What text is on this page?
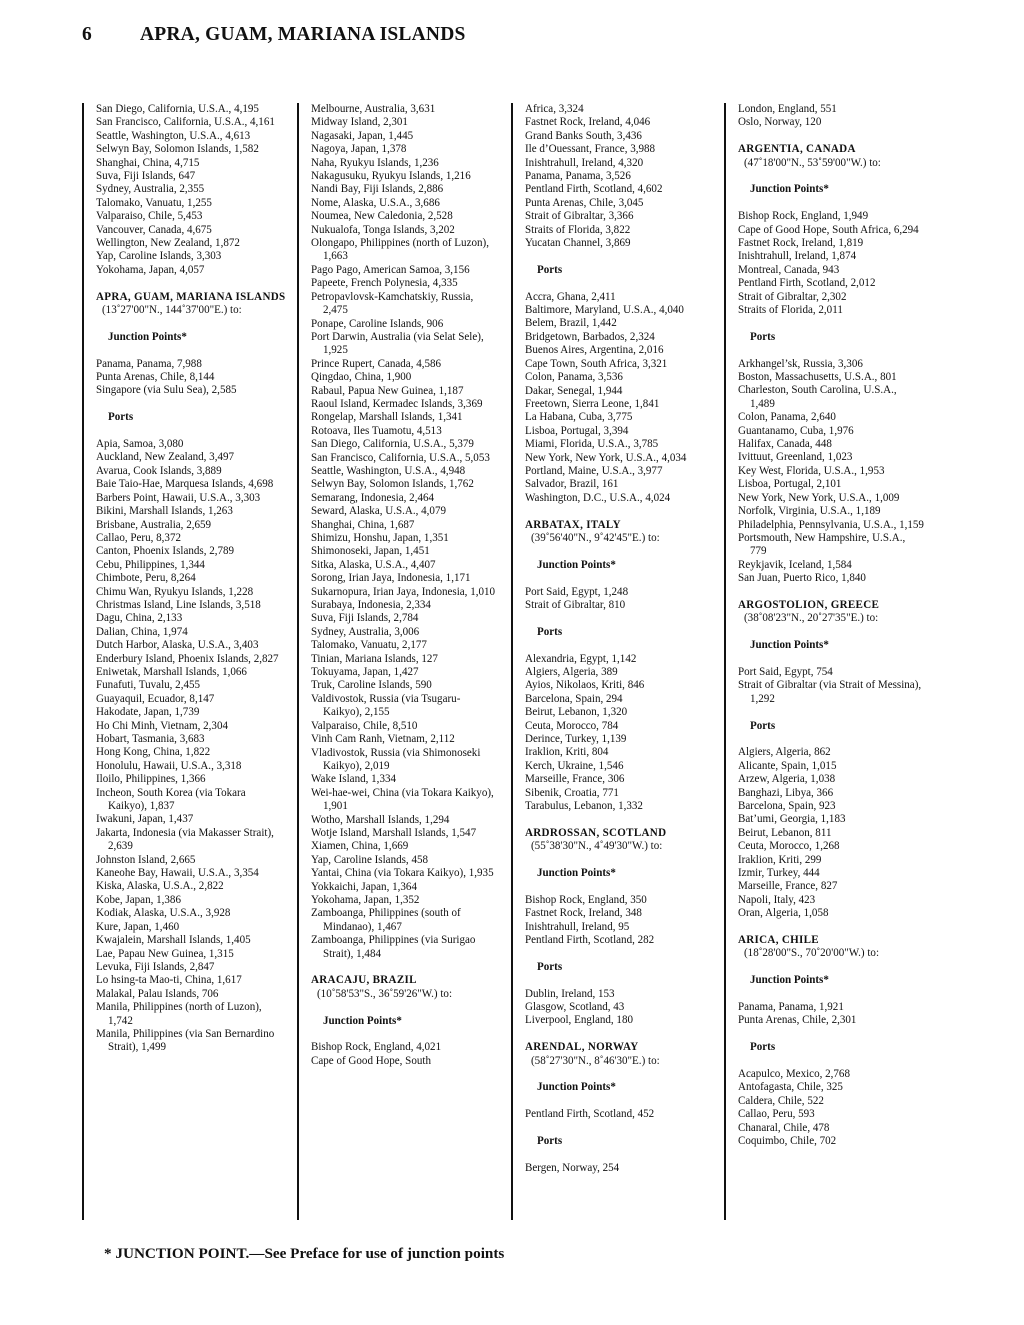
6 APRA, GUAM, MARIANA ISLANDS
San Diego, California, U.S.A., 4,195
San Francisco, California, U.S.A., 4,161
Seattle, Washington, U.S.A., 4,613
Selwyn Bay, Solomon Islands, 1,582
Shanghai, China, 4,715
Suva, Fiji Islands, 647
Sydney, Australia, 2,355
Talomako, Vanuatu, 1,255
Valparaiso, Chile, 5,453
Vancouver, Canada, 4,675
Wellington, New Zealand, 1,872
Yap, Caroline Islands, 3,303
Yokohama, Japan, 4,057
APRA, GUAM, MARIANA ISLANDS
(13˚27'00"N., 144˚37'00"E.) to:
Junction Points*
Panama, Panama, 7,988
Punta Arenas, Chile, 8,144
Singapore (via Sulu Sea), 2,585
Ports
Apia, Samoa, 3,080
Auckland, New Zealand, 3,497
Avarua, Cook Islands, 3,889
Baie Taio-Hae, Marquesa Islands, 4,698
Barbers Point, Hawaii, U.S.A., 3,303
Bikini, Marshall Islands, 1,263
Brisbane, Australia, 2,659
Callao, Peru, 8,372
Canton, Phoenix Islands, 2,789
Cebu, Philippines, 1,344
Chimbote, Peru, 8,264
Chimu Wan, Ryukyu Islands, 1,228
Christmas Island, Line Islands, 3,518
Dagu, China, 2,133
Dalian, China, 1,974
Dutch Harbor, Alaska, U.S.A., 3,403
Enderbury Island, Phoenix Islands, 2,827
Eniwetak, Marshall Islands, 1,066
Funafuti, Tuvalu, 2,455
Guayaquil, Ecuador, 8,147
Hakodate, Japan, 1,739
Ho Chi Minh, Vietnam, 2,304
Hobart, Tasmania, 3,683
Hong Kong, China, 1,822
Honolulu, Hawaii, U.S.A., 3,318
Iloilo, Philippines, 1,366
Incheon, South Korea (via Tokara Kaikyo), 1,837
Iwakuni, Japan, 1,437
Jakarta, Indonesia (via Makasser Strait), 2,639
Johnston Island, 2,665
Kaneohe Bay, Hawaii, U.S.A., 3,354
Kiska, Alaska, U.S.A., 2,822
Kobe, Japan, 1,386
Kodiak, Alaska, U.S.A., 3,928
Kure, Japan, 1,460
Kwajalein, Marshall Islands, 1,405
Lae, Papau New Guinea, 1,315
Levuka, Fiji Islands, 2,847
Lo hsing-ta Mao-ti, China, 1,617
Malakal, Palau Islands, 706
Manila, Philippines (north of Luzon), 1,742
Manila, Philippines (via San Bernardino Strait), 1,499
Melbourne, Australia, 3,631
Midway Island, 2,301
Nagasaki, Japan, 1,445
Nagoya, Japan, 1,378
Naha, Ryukyu Islands, 1,236
Nakagusuku, Ryukyu Islands, 1,216
Nandi Bay, Fiji Islands, 2,886
Nome, Alaska, U.S.A., 3,686
Noumea, New Caledonia, 2,528
Nukualofa, Tonga Islands, 3,202
Olongapo, Philippines (north of Luzon), 1,663
Pago Pago, American Samoa, 3,156
Papeete, French Polynesia, 4,335
Petropavlovsk-Kamchatskiy, Russia, 2,475
Ponape, Caroline Islands, 906
Port Darwin, Australia (via Selat Sele), 1,925
Prince Rupert, Canada, 4,586
Qingdao, China, 1,900
Rabaul, Papua New Guinea, 1,187
Raoul Island, Kermadec Islands, 3,369
Rongelap, Marshall Islands, 1,341
Rotoava, Iles Tuamotu, 4,513
San Diego, California, U.S.A., 5,379
San Francisco, California, U.S.A., 5,053
Seattle, Washington, U.S.A., 4,948
Selwyn Bay, Solomon Islands, 1,762
Semarang, Indonesia, 2,464
Seward, Alaska, U.S.A., 4,079
Shanghai, China, 1,687
Shimizu, Honshu, Japan, 1,351
Shimonoseki, Japan, 1,451
Sitka, Alaska, U.S.A., 4,407
Sorong, Irian Jaya, Indonesia, 1,171
Sukarnopura, Irian Jaya, Indonesia, 1,010
Surabaya, Indonesia, 2,334
Suva, Fiji Islands, 2,784
Sydney, Australia, 3,006
Talomako, Vanuatu, 2,177
Tinian, Mariana Islands, 127
Tokuyama, Japan, 1,427
Truk, Caroline Islands, 590
Valdivostok, Russia (via Tsugaru-Kaikyo), 2,155
Valparaiso, Chile, 8,510
Vinh Cam Ranh, Vietnam, 2,112
Vladivostok, Russia (via Shimonoseki Kaikyo), 2,019
Wake Island, 1,334
Wei-hae-wei, China (via Tokara Kaikyo), 1,901
Wotho, Marshall Islands, 1,294
Wotje Island, Marshall Islands, 1,547
Xiamen, China, 1,669
Yap, Caroline Islands, 458
Yantai, China (via Tokara Kaikyo), 1,935
Yokkaichi, Japan, 1,364
Yokohama, Japan, 1,352
Zamboanga, Philippines (south of Mindanao), 1,467
Zamboanga, Philippines (via Surigao Strait), 1,484
ARACAJU, BRAZIL
(10˚58'53"S., 36˚59'26"W.) to:
Junction Points*
Bishop Rock, England, 4,021
Cape of Good Hope, South
Africa, 3,324
Fastnet Rock, Ireland, 4,046
Grand Banks South, 3,436
Ile d’Ouessant, France, 3,988
Inishtrahull, Ireland, 4,320
Panama, Panama, 3,526
Pentland Firth, Scotland, 4,602
Punta Arenas, Chile, 3,045
Strait of Gibraltar, 3,366
Straits of Florida, 3,822
Yucatan Channel, 3,869
Ports
Accra, Ghana, 2,411
Baltimore, Maryland, U.S.A., 4,040
Belem, Brazil, 1,442
Bridgetown, Barbados, 2,324
Buenos Aires, Argentina, 2,016
Cape Town, South Africa, 3,321
Colon, Panama, 3,536
Dakar, Senegal, 1,944
Freetown, Sierra Leone, 1,841
La Habana, Cuba, 3,775
Lisboa, Portugal, 3,394
Miami, Florida, U.S.A., 3,785
New York, New York, U.S.A., 4,034
Portland, Maine, U.S.A., 3,977
Salvador, Brazil, 161
Washington, D.C., U.S.A., 4,024
ARBATAX, ITALY
(39˚56'40"N., 9˚42'45"E.) to:
Junction Points*
Port Said, Egypt, 1,248
Strait of Gibraltar, 810
Ports
Alexandria, Egypt, 1,142
Algiers, Algeria, 389
Ayios, Nikolaos, Kriti, 846
Barcelona, Spain, 294
Beirut, Lebanon, 1,320
Ceuta, Morocco, 784
Derince, Turkey, 1,139
Iraklion, Kriti, 804
Kerch, Ukraine, 1,546
Marseille, France, 306
Sibenik, Croatia, 771
Tarabulus, Lebanon, 1,332
ARDROSSAN, SCOTLAND
(55˚38'30"N., 4˚49'30"W.) to:
Junction Points*
Bishop Rock, England, 350
Fastnet Rock, Ireland, 348
Inishtrahull, Ireland, 95
Pentland Firth, Scotland, 282
Ports
Dublin, Ireland, 153
Glasgow, Scotland, 43
Liverpool, England, 180
ARENDAL, NORWAY
(58˚27'30"N., 8˚46'30"E.) to:
Junction Points*
Pentland Firth, Scotland, 452
Ports
Bergen, Norway, 254
London, England, 551
Oslo, Norway, 120
ARGENTIA, CANADA
(47˚18'00"N., 53˚59'00"W.) to:
Junction Points*
Bishop Rock, England, 1,949
Cape of Good Hope, South Africa, 6,294
Fastnet Rock, Ireland, 1,819
Inishtrahull, Ireland, 1,874
Montreal, Canada, 943
Pentland Firth, Scotland, 2,012
Strait of Gibraltar, 2,302
Straits of Florida, 2,011
Ports
Arkhangel’sk, Russia, 3,306
Boston, Massachusetts, U.S.A., 801
Charleston, South Carolina, U.S.A., 1,489
Colon, Panama, 2,640
Guantanamo, Cuba, 1,976
Halifax, Canada, 448
Ivittuut, Greenland, 1,023
Key West, Florida, U.S.A., 1,953
Lisboa, Portugal, 2,101
New York, New York, U.S.A., 1,009
Norfolk, Virginia, U.S.A., 1,189
Philadelphia, Pennsylvania, U.S.A., 1,159
Portsmouth, New Hampshire, U.S.A., 779
Reykjavik, Iceland, 1,584
San Juan, Puerto Rico, 1,840
ARGOSTOLION, GREECE
(38˚08'23"N., 20˚27'35"E.) to:
Junction Points*
Port Said, Egypt, 754
Strait of Gibraltar (via Strait of Messina), 1,292
Ports
Algiers, Algeria, 862
Alicante, Spain, 1,015
Arzew, Algeria, 1,038
Banghazi, Libya, 366
Barcelona, Spain, 923
Bat’umi, Georgia, 1,183
Beirut, Lebanon, 811
Ceuta, Morocco, 1,268
Iraklion, Kriti, 299
Izmir, Turkey, 444
Marseille, France, 827
Napoli, Italy, 423
Oran, Algeria, 1,058
ARICA, CHILE
(18˚28'00"S., 70˚20'00"W.) to:
Junction Points*
Panama, Panama, 1,921
Punta Arenas, Chile, 2,301
Ports
Acapulco, Mexico, 2,768
Antofagasta, Chile, 325
Caldera, Chile, 522
Callao, Peru, 593
Chanaral, Chile, 478
Coquimbo, Chile, 702
* JUNCTION POINT.—See Preface for use of junction points
